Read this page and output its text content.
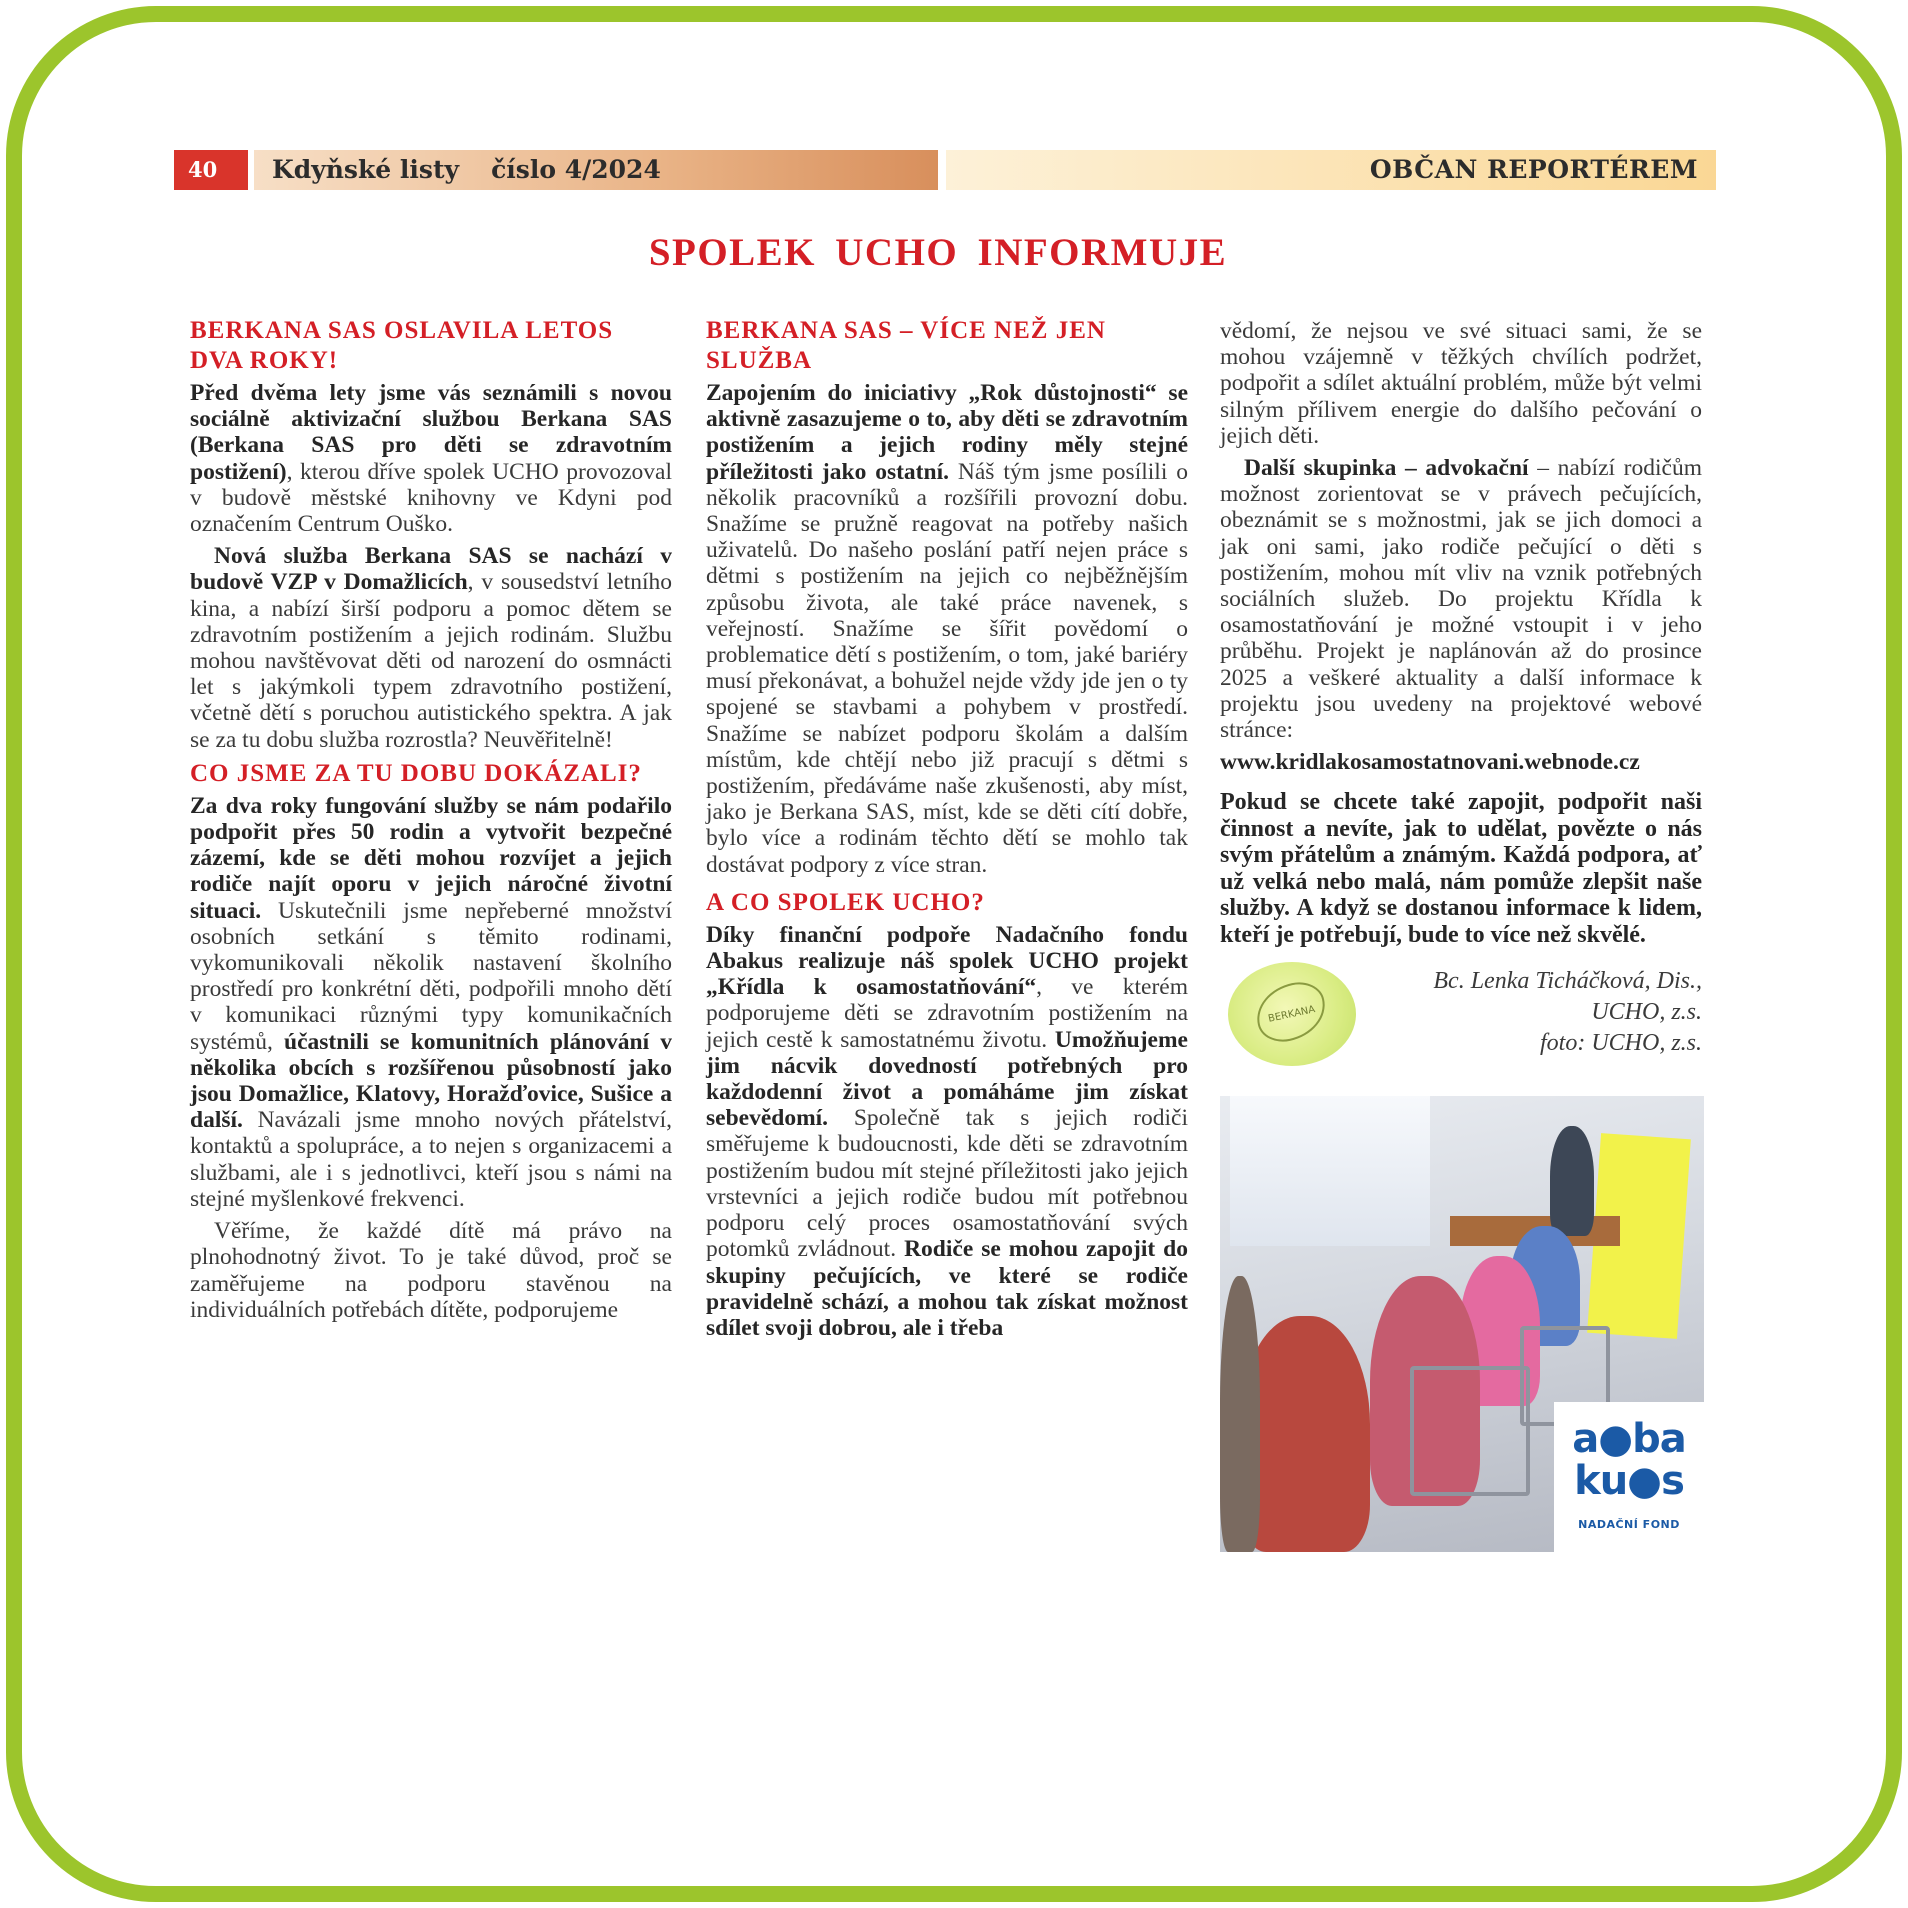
40	Kdyňské listy číslo 4/2024	OBČAN REPORTÉREM
SPOLEK UCHO INFORMUJE
BERKANA SAS OSLAVILA LETOS DVA ROKY!
Před dvěma lety jsme vás seznámili s novou sociálně aktivizační službou Berkana SAS (Berkana SAS pro děti se zdravotním postižení), kterou dříve spolek UCHO provozoval v budově městské knihovny ve Kdyni pod označením Centrum Ouško.
Nová služba Berkana SAS se nachází v budově VZP v Domažlicích, v sousedství letního kina, a nabízí širší podporu a pomoc dětem se zdravotním postižením a jejich rodinám. Službu mohou navštěvovat děti od narození do osmnácti let s jakýmkoli typem zdravotního postižení, včetně dětí s poruchou autistického spektra. A jak se za tu dobu služba rozrostla? Neuvěřitelně!
CO JSME ZA TU DOBU DOKÁZALI?
Za dva roky fungování služby se nám podařilo podpořit přes 50 rodin a vytvořit bezpečné zázemí, kde se děti mohou rozvíjet a jejich rodiče najít oporu v jejich náročné životní situaci. Uskutečnili jsme nepřeberné množství osobních setkání s těmito rodinami, vykomunikovali několik nastavení školního prostředí pro konkrétní děti, podpořili mnoho dětí v komunikaci různými typy komunikačních systémů, účastnili se komunitních plánování v několika obcích s rozšířenou působností jako jsou Domažlice, Klatovy, Horažďovice, Sušice a další. Navázali jsme mnoho nových přátelství, kontaktů a spolupráce, a to nejen s organizacemi a službami, ale i s jednotlivci, kteří jsou s námi na stejné myšlenkové frekvenci.
Věříme, že každé dítě má právo na plnohodnotný život. To je také důvod, proč se zaměřujeme na podporu stavěnou na individuálních potřebách dítěte, podporujeme
BERKANA SAS – VÍCE NEŽ JEN SLUŽBA
Zapojením do iniciativy „Rok důstojnosti“ se aktivně zasazujeme o to, aby děti se zdravotním postižením a jejich rodiny měly stejné příležitosti jako ostatní. Náš tým jsme posílili o několik pracovníků a rozšířili provozní dobu. Snažíme se pružně reagovat na potřeby našich uživatelů. Do našeho poslání patří nejen práce s dětmi s postižením na jejich co nejběžnějším způsobu života, ale také práce navenek, s veřejností. Snažíme se šířit povědomí o problematice dětí s postižením, o tom, jaké bariéry musí překonávat, a bohužel nejde vždy jde jen o ty spojené se stavbami a pohybem v prostředí. Snažíme se nabízet podporu školám a dalším místům, kde chtějí nebo již pracují s dětmi s postižením, předáváme naše zkušenosti, aby míst, jako je Berkana SAS, míst, kde se děti cítí dobře, bylo více a rodinám těchto dětí se mohlo tak dostávat podpory z více stran.
A CO SPOLEK UCHO?
Díky finanční podpoře Nadačního fondu Abakus realizuje náš spolek UCHO projekt „Křídla k osamostatňování“, ve kterém podporujeme děti se zdravotním postižením na jejich cestě k samostatnému životu. Umožňujeme jim nácvik dovedností potřebných pro každodenní život a pomáháme jim získat sebevědomí. Společně tak s jejich rodiči směřujeme k budoucnosti, kde děti se zdravotním postižením budou mít stejné příležitosti jako jejich vrstevníci a jejich rodiče budou mít potřebnou podporu celý proces osamostatňování svých potomků zvládnout. Rodiče se mohou zapojit do skupiny pečujících, ve které se rodiče pravidelně schází, a mohou tak získat možnost sdílet svoji dobrou, ale i třeba
vědomí, že nejsou ve své situaci sami, že se mohou vzájemně v těžkých chvílích podržet, podpořit a sdílet aktuální problém, může být velmi silným přílivem energie do dalšího pečování o jejich děti.
Další skupinka – advokační – nabízí rodičům možnost zorientovat se v právech pečujících, obeznámit se s možnostmi, jak se jich domoci a jak oni sami, jako rodiče pečující o děti s postižením, mohou mít vliv na vznik potřebných sociálních služeb. Do projektu Křídla k osamostatňování je možné vstoupit i v jeho průběhu. Projekt je naplánován až do prosince 2025 a veškeré aktuality a další informace k projektu jsou uvedeny na projektové webové stránce:
www.kridlakosamostatnovani.webnode.cz
Pokud se chcete také zapojit, podpořit naši činnost a nevíte, jak to udělat, povězte o nás svým přátelům a známým. Každá podpora, ať už velká nebo malá, nám pomůže zlepšit naše služby. A když se dostanou informace k lidem, kteří je potřebují, bude to více než skvělé.
BERKANA
Bc. Lenka Ticháčková, Dis.,
UCHO, z.s.
foto: UCHO, z.s.
a●ba
ku●s
NADAČNÍ FOND
